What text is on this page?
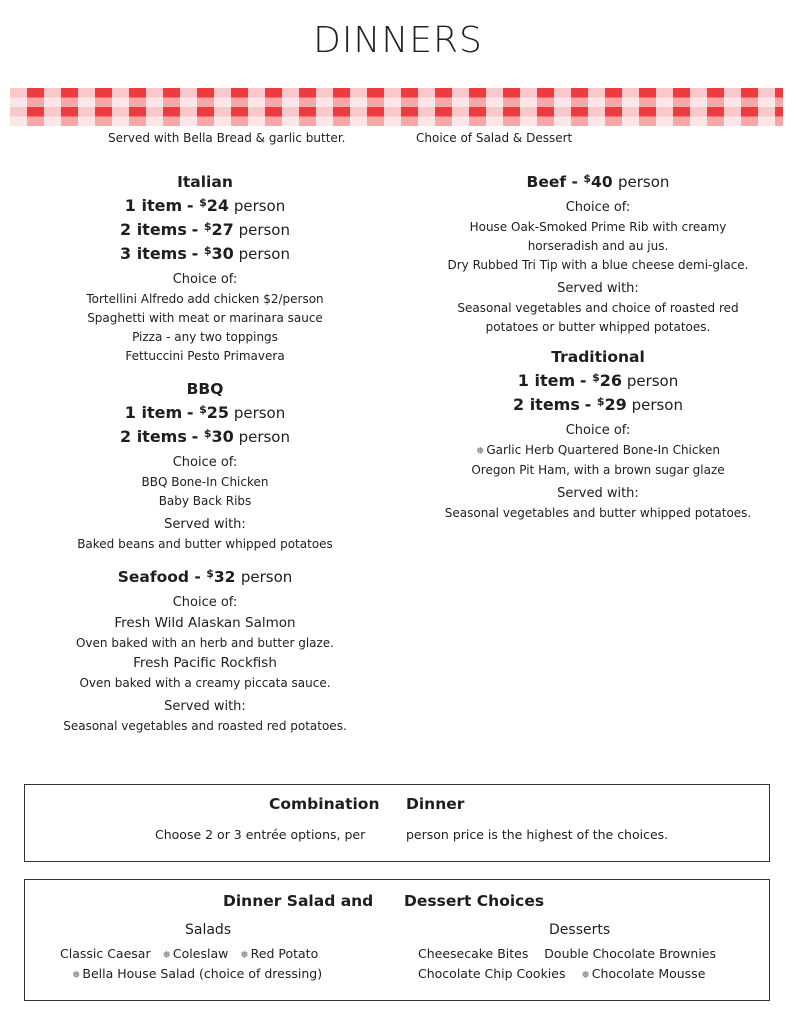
DINNERS
Served with Bella Bread & garlic butter.	Choice of Salad & Dessert
Italian
1 item - $24 person
2 items - $27 person
3 items - $30 person
Choice of:
Tortellini Alfredo add chicken $2/person
Spaghetti with meat or marinara sauce
Pizza - any two toppings
Fettuccini Pesto Primavera
BBQ
1 item - $25 person
2 items - $30 person
Choice of:
BBQ Bone-In Chicken
Baby Back Ribs
Served with:
Baked beans and butter whipped potatoes
Seafood - $32 person
Choice of:
Fresh Wild Alaskan Salmon
Oven baked with an herb and butter glaze.
Fresh Pacific Rockfish
Oven baked with a creamy piccata sauce.
Served with:
Seasonal vegetables and roasted red potatoes.
Beef - $40 person
Choice of:
House Oak-Smoked Prime Rib with creamy
horseradish and au jus.
Dry Rubbed Tri Tip with a blue cheese demi-glace.
Served with:
Seasonal vegetables and choice of roasted red
potatoes or butter whipped potatoes.
Traditional
1 item - $26 person
2 items - $29 person
Choice of:
❅ Garlic Herb Quartered Bone-In Chicken
Oregon Pit Ham, with a brown sugar glaze
Served with:
Seasonal vegetables and butter whipped potatoes.
Combination Dinner
Choose 2 or 3 entrée options, per	person price is the highest of the choices.
Dinner Salad and Dessert Choices
Salads
Classic Caesar ❅ Coleslaw ❅ Red Potato
❅ Bella House Salad (choice of dressing)
Desserts
Cheesecake Bites Double Chocolate Brownies
Chocolate Chip Cookies ❅ Chocolate Mousse
